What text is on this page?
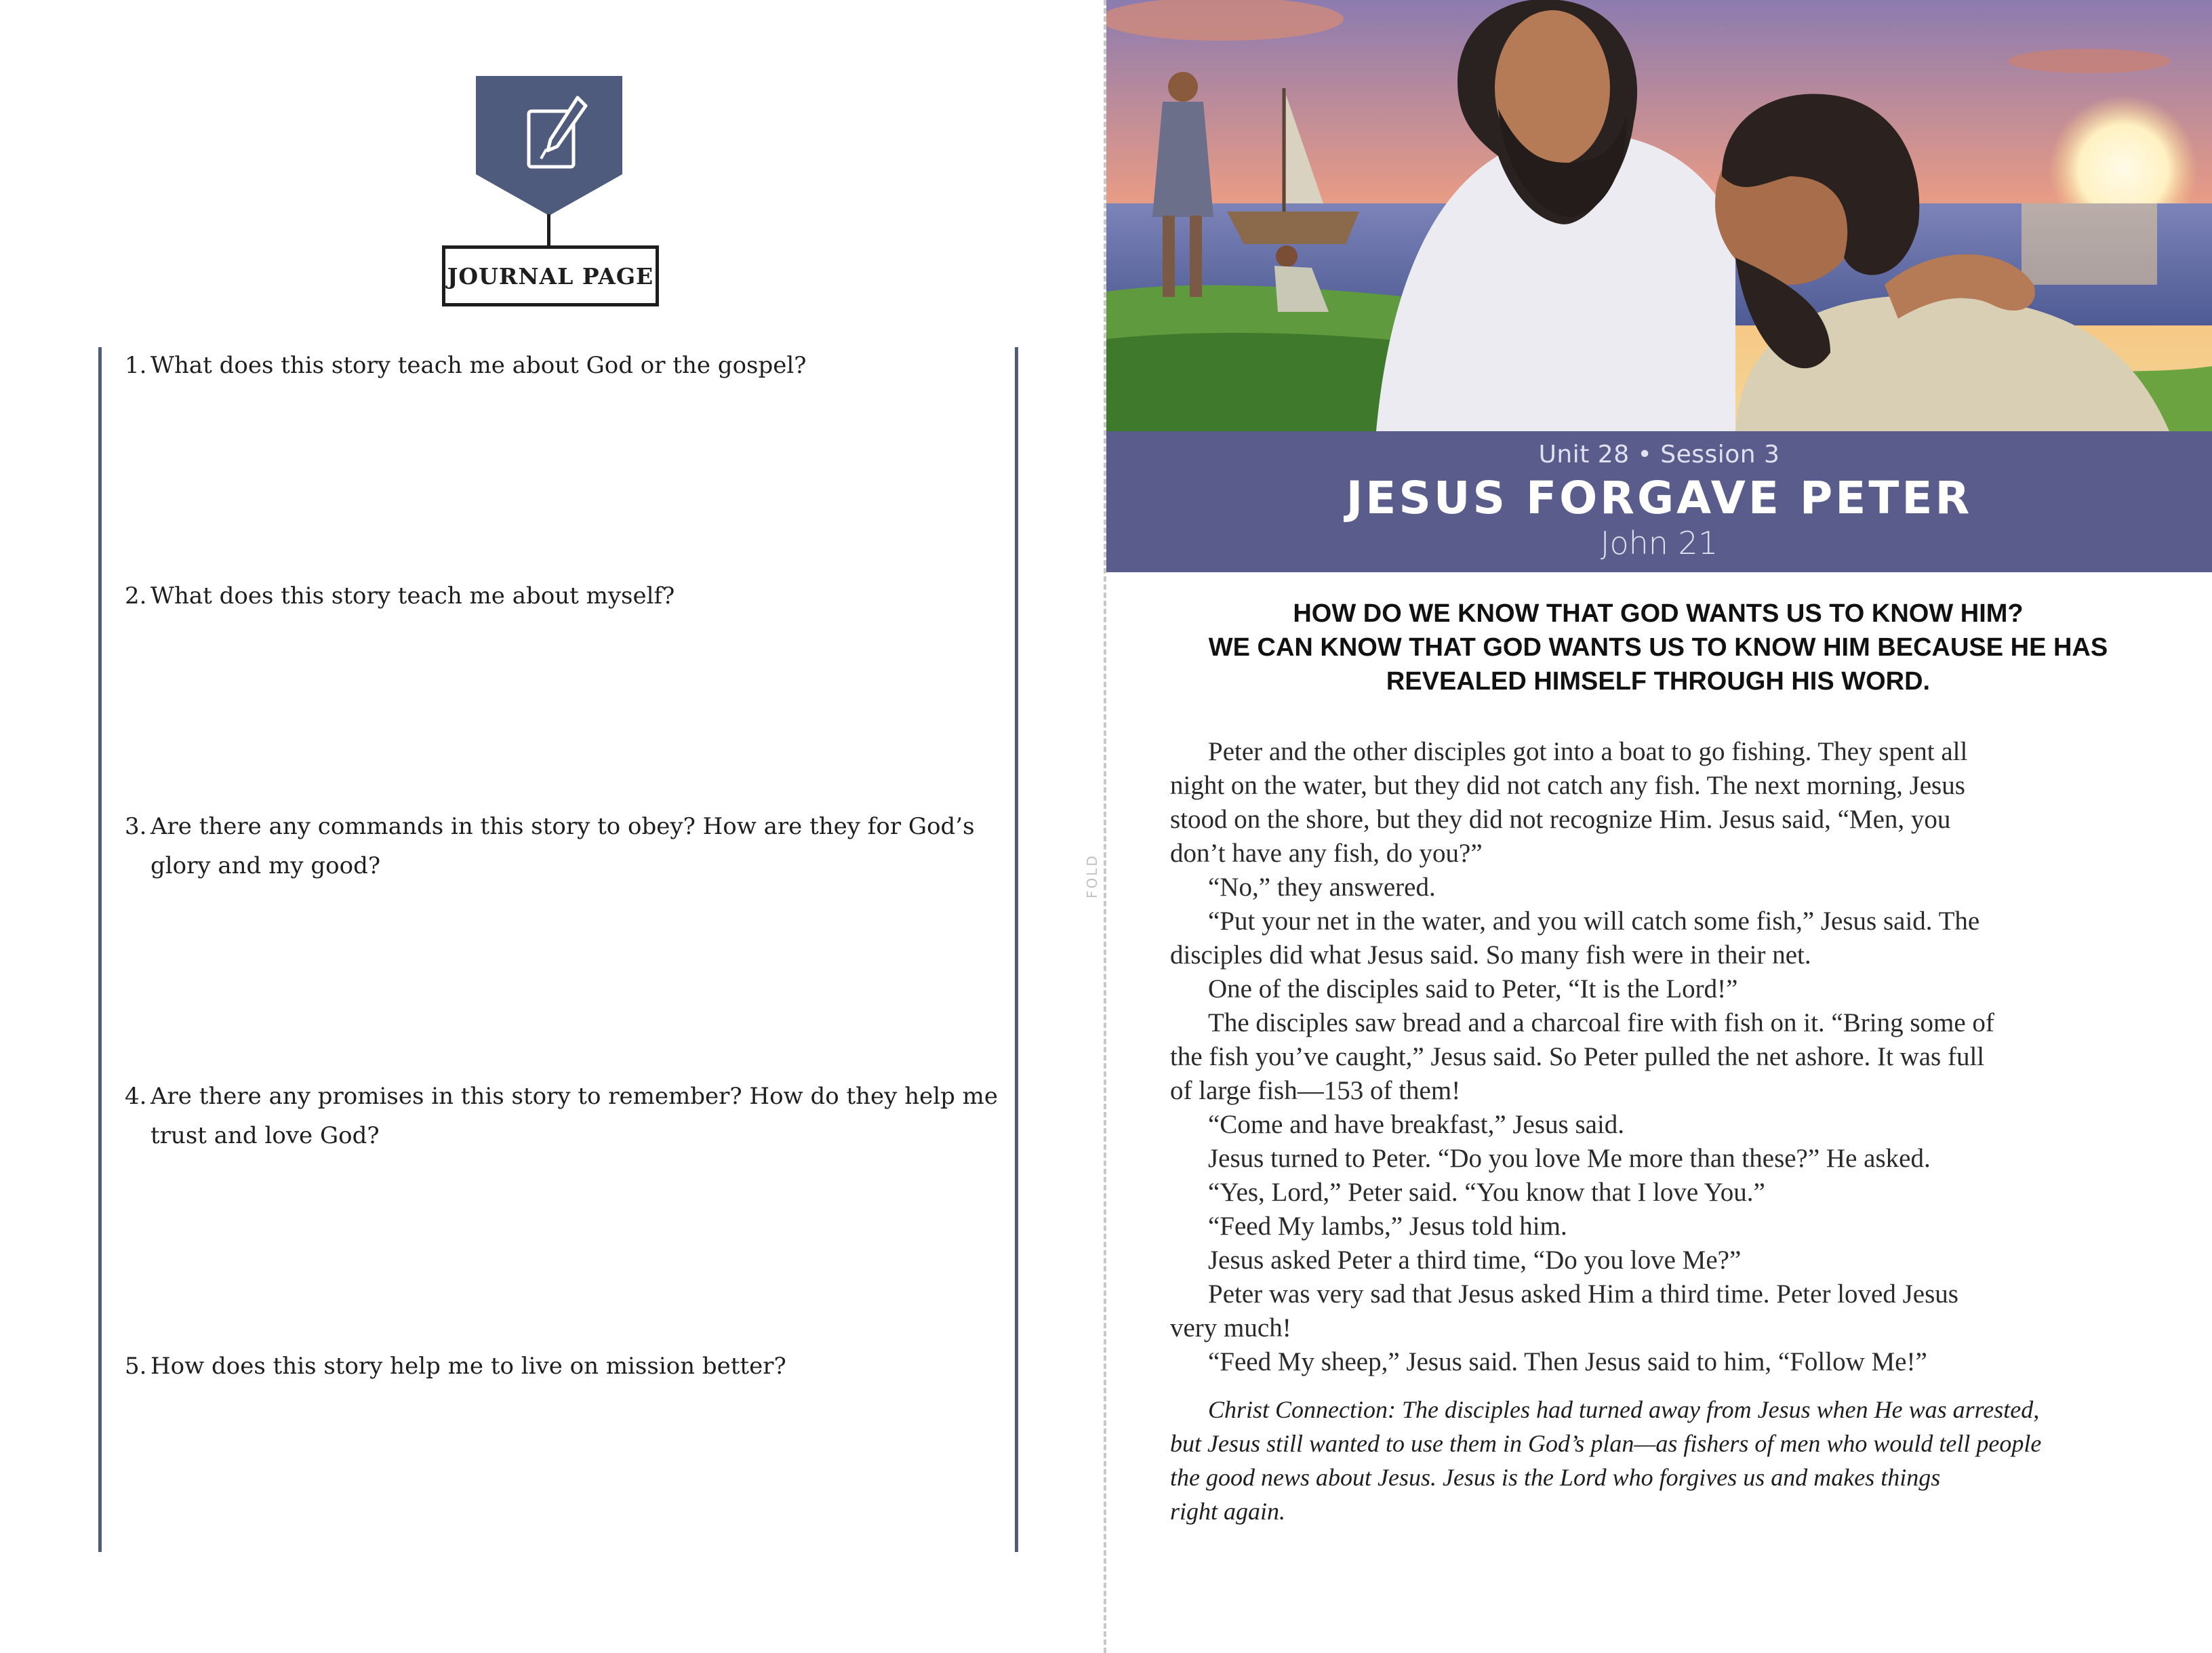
JOURNAL PAGE
1. What does this story teach me about God or the gospel?
2. What does this story teach me about myself?
3. Are there any commands in this story to obey? How are they for God’s glory and my good?
4. Are there any promises in this story to remember? How do they help me trust and love God?
5. How does this story help me to live on mission better?
FOLD
Unit 28 • Session 3
JESUS FORGAVE PETER
John 21
HOW DO WE KNOW THAT GOD WANTS US TO KNOW HIM?
WE CAN KNOW THAT GOD WANTS US TO KNOW HIM BECAUSE HE HAS
REVEALED HIMSELF THROUGH HIS WORD.
Peter and the other disciples got into a boat to go fishing. They spent all
night on the water, but they did not catch any fish. The next morning, Jesus
stood on the shore, but they did not recognize Him. Jesus said, “Men, you
don’t have any fish, do you?”
“No,” they answered.
“Put your net in the water, and you will catch some fish,” Jesus said. The
disciples did what Jesus said. So many fish were in their net.
One of the disciples said to Peter, “It is the Lord!”
The disciples saw bread and a charcoal fire with fish on it. “Bring some of
the fish you’ve caught,” Jesus said. So Peter pulled the net ashore. It was full
of large fish—153 of them!
“Come and have breakfast,” Jesus said.
Jesus turned to Peter. “Do you love Me more than these?” He asked.
“Yes, Lord,” Peter said. “You know that I love You.”
“Feed My lambs,” Jesus told him.
Jesus asked Peter a third time, “Do you love Me?”
Peter was very sad that Jesus asked Him a third time. Peter loved Jesus
very much!
“Feed My sheep,” Jesus said. Then Jesus said to him, “Follow Me!”
Christ Connection: The disciples had turned away from Jesus when He was arrested,
but Jesus still wanted to use them in God’s plan—as fishers of men who would tell people
the good news about Jesus. Jesus is the Lord who forgives us and makes things
right again.
